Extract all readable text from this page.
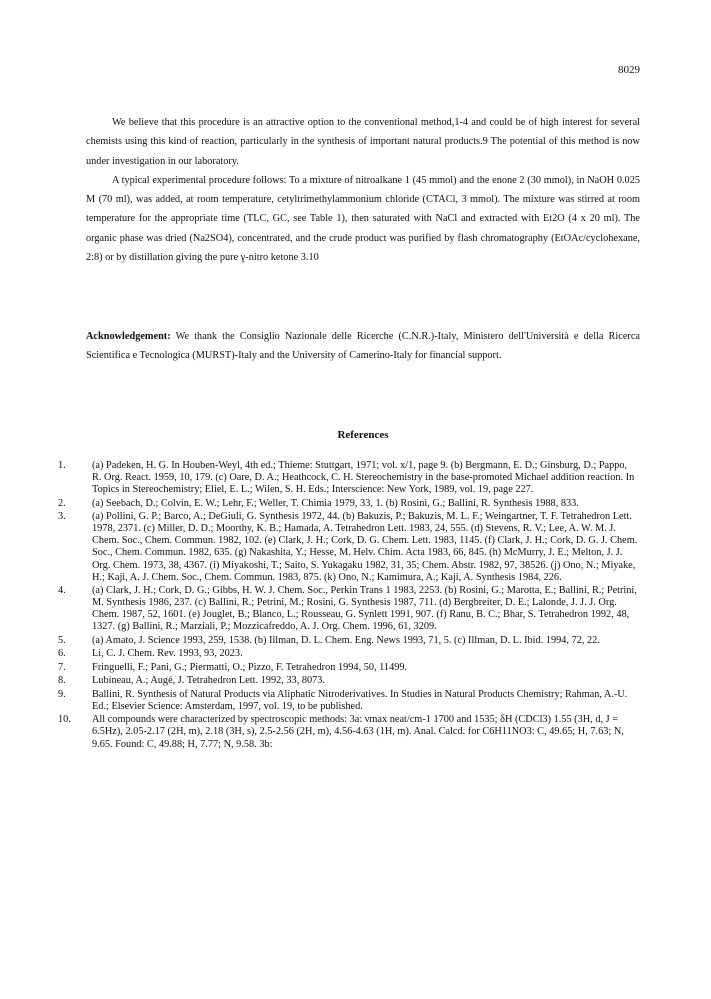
8029

We believe that this procedure is an attractive option to the conventional method,1-4 and could be of high interest for several chemists using this kind of reaction, particularly in the synthesis of important natural products.9 The potential of this method is now under investigation in our laboratory.

A typical experimental procedure follows: To a mixture of nitroalkane 1 (45 mmol) and the enone 2 (30 mmol), in NaOH 0.025 M (70 ml), was added, at room temperature, cetyltrimethylammonium chloride (CTACl, 3 mmol). The mixture was stirred at room temperature for the appropriate time (TLC, GC, see Table 1), then saturated with NaCl and extracted with Et2O (4 x 20 ml). The organic phase was dried (Na2SO4), concentrated, and the crude product was purified by flash chromatography (EtOAc/cyclohexane, 2:8) or by distillation giving the pure γ-nitro ketone 3.10

Acknowledgement: We thank the Consiglio Nazionale delle Ricerche (C.N.R.)-Italy, Ministero dell'Università e della Ricerca Scientifica e Tecnologica (MURST)-Italy and the University of Camerino-Italy for financial support.
References
1.	(a) Padeken, H. G. In Houben-Weyl, 4th ed.; Thieme: Stuttgart, 1971; vol. x/1, page 9. (b) Bergmann, E. D.; Ginsburg, D.; Pappo, R. Org. React. 1959, 10, 179. (c) Oare, D. A.; Heathcock, C. H. Stereochemistry in the base-promoted Michael addition reaction. In Topics in Stereochemistry; Eliel, E. L.; Wilen, S. H. Eds.; Interscience: New York, 1989, vol. 19, page 227.
2.	(a) Seebach, D.; Colvin, E. W.; Lehr, F.; Weller, T. Chimia 1979, 33, 1. (b) Rosini, G.; Ballini, R. Synthesis 1988, 833.
3.	(a) Pollini, G. P.; Barco, A.; DeGiuli, G. Synthesis 1972, 44. (b) Bakuzis, P.; Bakuzis, M. L. F.; Weingartner, T. F. Tetrahedron Lett. 1978, 2371. (c) Miller, D. D.; Moorthy, K. B.; Hamada, A. Tetrahedron Lett. 1983, 24, 555. (d) Stevens, R. V.; Lee, A. W. M. J. Chem. Soc., Chem. Commun. 1982, 102. (e) Clark, J. H.; Cork, D. G. Chem. Lett. 1983, 1145. (f) Clark, J. H.; Cork, D. G. J. Chem. Soc., Chem. Commun. 1982, 635. (g) Nakashita, Y.; Hesse, M. Helv. Chim. Acta 1983, 66, 845. (h) McMurry, J. E.; Melton, J. J. Org. Chem. 1973, 38, 4367. (i) Miyakoshi, T.; Saito, S. Yukagaku 1982, 31, 35; Chem. Abstr. 1982, 97, 38526. (j) Ono, N.; Miyake, H.; Kaji, A. J. Chem. Soc., Chem. Commun. 1983, 875. (k) Ono, N.; Kamimura, A.; Kaji, A. Synthesis 1984, 226.
4.	(a) Clark, J. H.; Cork, D. G.; Gibbs, H. W. J. Chem. Soc., Perkin Trans 1 1983, 2253. (b) Rosini, G.; Marotta, E.; Ballini, R.; Petrini, M. Synthesis 1986, 237. (c) Ballini, R.; Petrini, M.; Rosini, G. Synthesis 1987, 711. (d) Bergbreiter, D. E.; Lalonde, J. J. J. Org. Chem. 1987, 52, 1601. (e) Jouglet, B.; Blanco, L.; Rousseau, G. Synlett 1991, 907. (f) Ranu, B. C.; Bhar, S. Tetrahedron 1992, 48, 1327. (g) Ballini, R.; Marziali, P.; Mozzicafreddo, A. J. Org. Chem. 1996, 61, 3209.
5.	(a) Amato, J. Science 1993, 259, 1538. (b) Illman, D. L. Chem. Eng. News 1993, 71, 5. (c) Illman, D. L. Ibid. 1994, 72, 22.
6.	Li, C. J. Chem. Rev. 1993, 93, 2023.
7.	Fringuelli, F.; Pani, G.; Piermatti, O.; Pizzo, F. Tetrahedron 1994, 50, 11499.
8.	Lubineau, A.; Augé, J. Tetrahedron Lett. 1992, 33, 8073.
9.	Ballini, R. Synthesis of Natural Products via Aliphatic Nitroderivatives. In Studies in Natural Products Chemistry; Rahman, A.-U. Ed.; Elsevier Science: Amsterdam, 1997, vol. 19, to be published.
10.	All compounds were characterized by spectroscopic methods: 3a: νmax neat/cm-1 1700 and 1535; δH (CDCl3) 1.55 (3H, d, J = 6.5Hz), 2.05-2.17 (2H, m), 2.18 (3H, s), 2.5-2.56 (2H, m), 4.56-4.63 (1H, m). Anal. Calcd. for C6H11NO3: C, 49.65; H, 7.63; N, 9.65. Found: C, 49.88; H, 7.77; N, 9.58. 3b:
